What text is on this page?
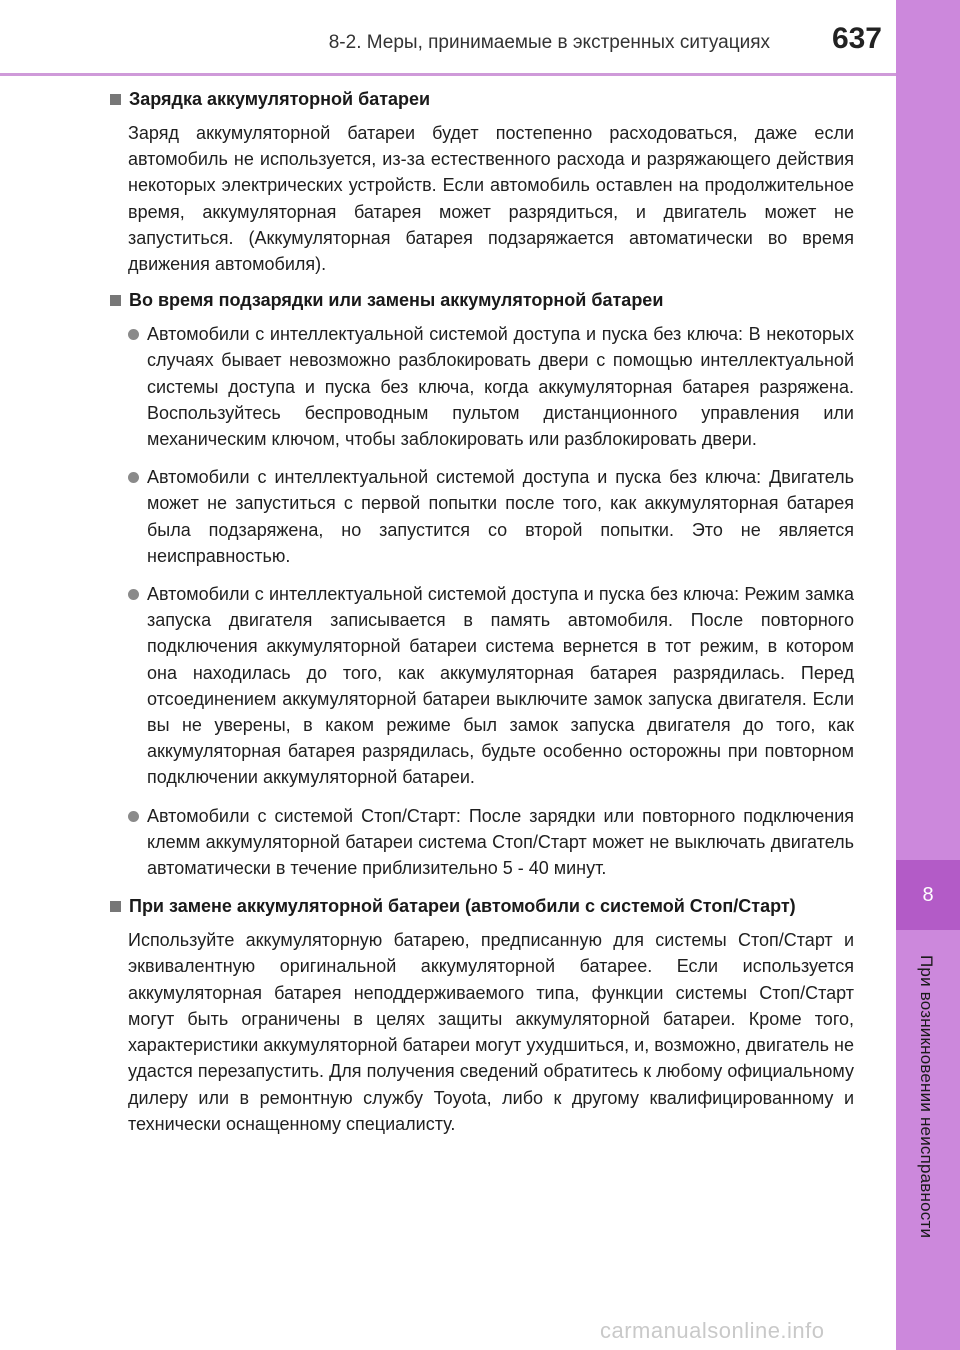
8-2. Меры, принимаемые в экстренных ситуациях 637
8
При возникновении неисправности
Зарядка аккумуляторной батареи

Заряд аккумуляторной батареи будет постепенно расходоваться, даже если автомобиль не используется, из-за естественного расхода и разряжающего действия некоторых электрических устройств. Если автомобиль оставлен на продолжительное время, аккумуляторная батарея может разрядиться, и двигатель может не запуститься. (Аккумуляторная батарея подзаряжается автоматически во время движения автомобиля).

Во время подзарядки или замены аккумуляторной батареи
Автомобили с интеллектуальной системой доступа и пуска без ключа: В некоторых случаях бывает невозможно разблокировать двери с помощью интеллектуальной системы доступа и пуска без ключа, когда аккумуляторная батарея разряжена. Воспользуйтесь беспроводным пультом дистанционного управления или механическим ключом, чтобы заблокировать или разблокировать двери.
Автомобили с интеллектуальной системой доступа и пуска без ключа: Двигатель может не запуститься с первой попытки после того, как аккумуляторная батарея была подзаряжена, но запустится со второй попытки. Это не является неисправностью.
Автомобили с интеллектуальной системой доступа и пуска без ключа: Режим замка запуска двигателя записывается в память автомобиля. После повторного подключения аккумуляторной батареи система вернется в тот режим, в котором она находилась до того, как аккумуляторная батарея разрядилась. Перед отсоединением аккумуляторной батареи выключите замок запуска двигателя. Если вы не уверены, в каком режиме был замок запуска двигателя до того, как аккумуляторная батарея разрядилась, будьте особенно осторожны при повторном подключении аккумуляторной батареи.
Автомобили с системой Стоп/Старт: После зарядки или повторного подключения клемм аккумуляторной батареи система Стоп/Старт может не выключать двигатель автоматически в течение приблизительно 5 - 40 минут.
При замене аккумуляторной батареи (автомобили с системой Стоп/Старт)

Используйте аккумуляторную батарею, предписанную для системы Стоп/Старт и эквивалентную оригинальной аккумуляторной батарее. Если используется аккумуляторная батарея неподдерживаемого типа, функции системы Стоп/Старт могут быть ограничены в целях защиты аккумуляторной батареи. Кроме того, характеристики аккумуляторной батареи могут ухудшиться, и, возможно, двигатель не удастся перезапустить. Для получения сведений обратитесь к любому официальному дилеру или в ремонтную службу Toyota, либо к другому квалифицированному и технически оснащенному специалисту.

carmanualsonline.info
